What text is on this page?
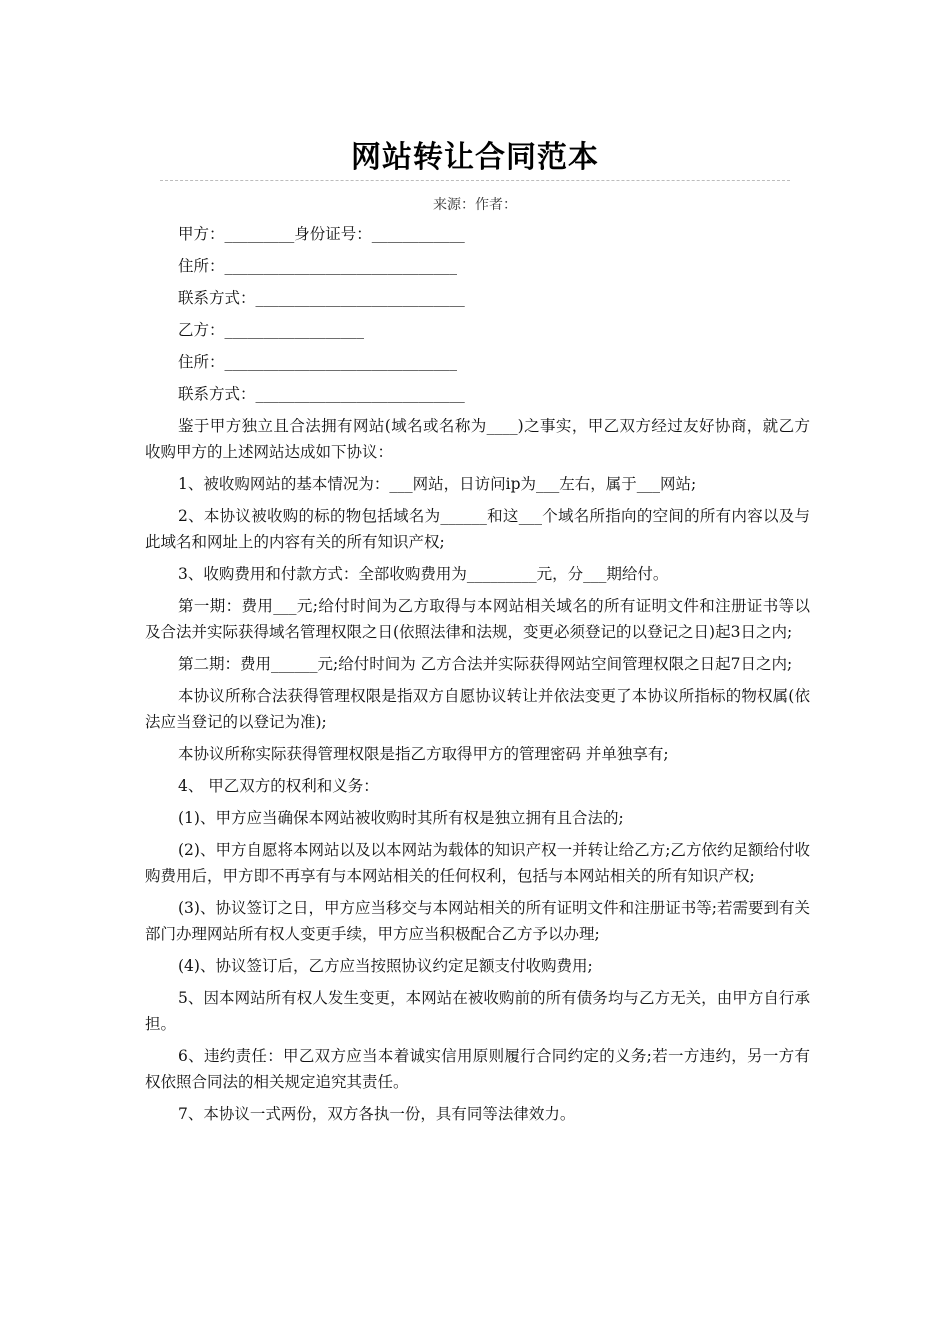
网站转让合同范本
来源：作者：
甲方：_________身份证号：____________
住所：______________________________
联系方式：___________________________
乙方：__________________
住所：______________________________
联系方式：___________________________

鉴于甲方独立且合法拥有网站(域名或名称为____)之事实，甲乙双方经过友好协商，就乙方收购甲方的上述网站达成如下协议：

1、被收购网站的基本情况为：___网站，日访问ip为___左右，属于___网站;

2、本协议被收购的标的物包括域名为______和这___个域名所指向的空间的所有内容以及与此域名和网址上的内容有关的所有知识产权;

3、收购费用和付款方式：全部收购费用为_________元，分___期给付。

第一期：费用___元;给付时间为乙方取得与本网站相关域名的所有证明文件和注册证书等以及合法并实际获得域名管理权限之日(依照法律和法规，变更必须登记的以登记之日)起3日之内;

第二期：费用______元;给付时间为 乙方合法并实际获得网站空间管理权限之日起7日之内;

本协议所称合法获得管理权限是指双方自愿协议转让并依法变更了本协议所指标的物权属(依法应当登记的以登记为准);

本协议所称实际获得管理权限是指乙方取得甲方的管理密码 并单独享有;

4、 甲乙双方的权利和义务：

(1)、甲方应当确保本网站被收购时其所有权是独立拥有且合法的;

(2)、甲方自愿将本网站以及以本网站为载体的知识产权一并转让给乙方;乙方依约足额给付收购费用后，甲方即不再享有与本网站相关的任何权利，包括与本网站相关的所有知识产权;

(3)、协议签订之日，甲方应当移交与本网站相关的所有证明文件和注册证书等;若需要到有关部门办理网站所有权人变更手续，甲方应当积极配合乙方予以办理;

(4)、协议签订后，乙方应当按照协议约定足额支付收购费用;

5、因本网站所有权人发生变更，本网站在被收购前的所有债务均与乙方无关，由甲方自行承担。

6、违约责任：甲乙双方应当本着诚实信用原则履行合同约定的义务;若一方违约，另一方有权依照合同法的相关规定追究其责任。

7、本协议一式两份，双方各执一份，具有同等法律效力。
